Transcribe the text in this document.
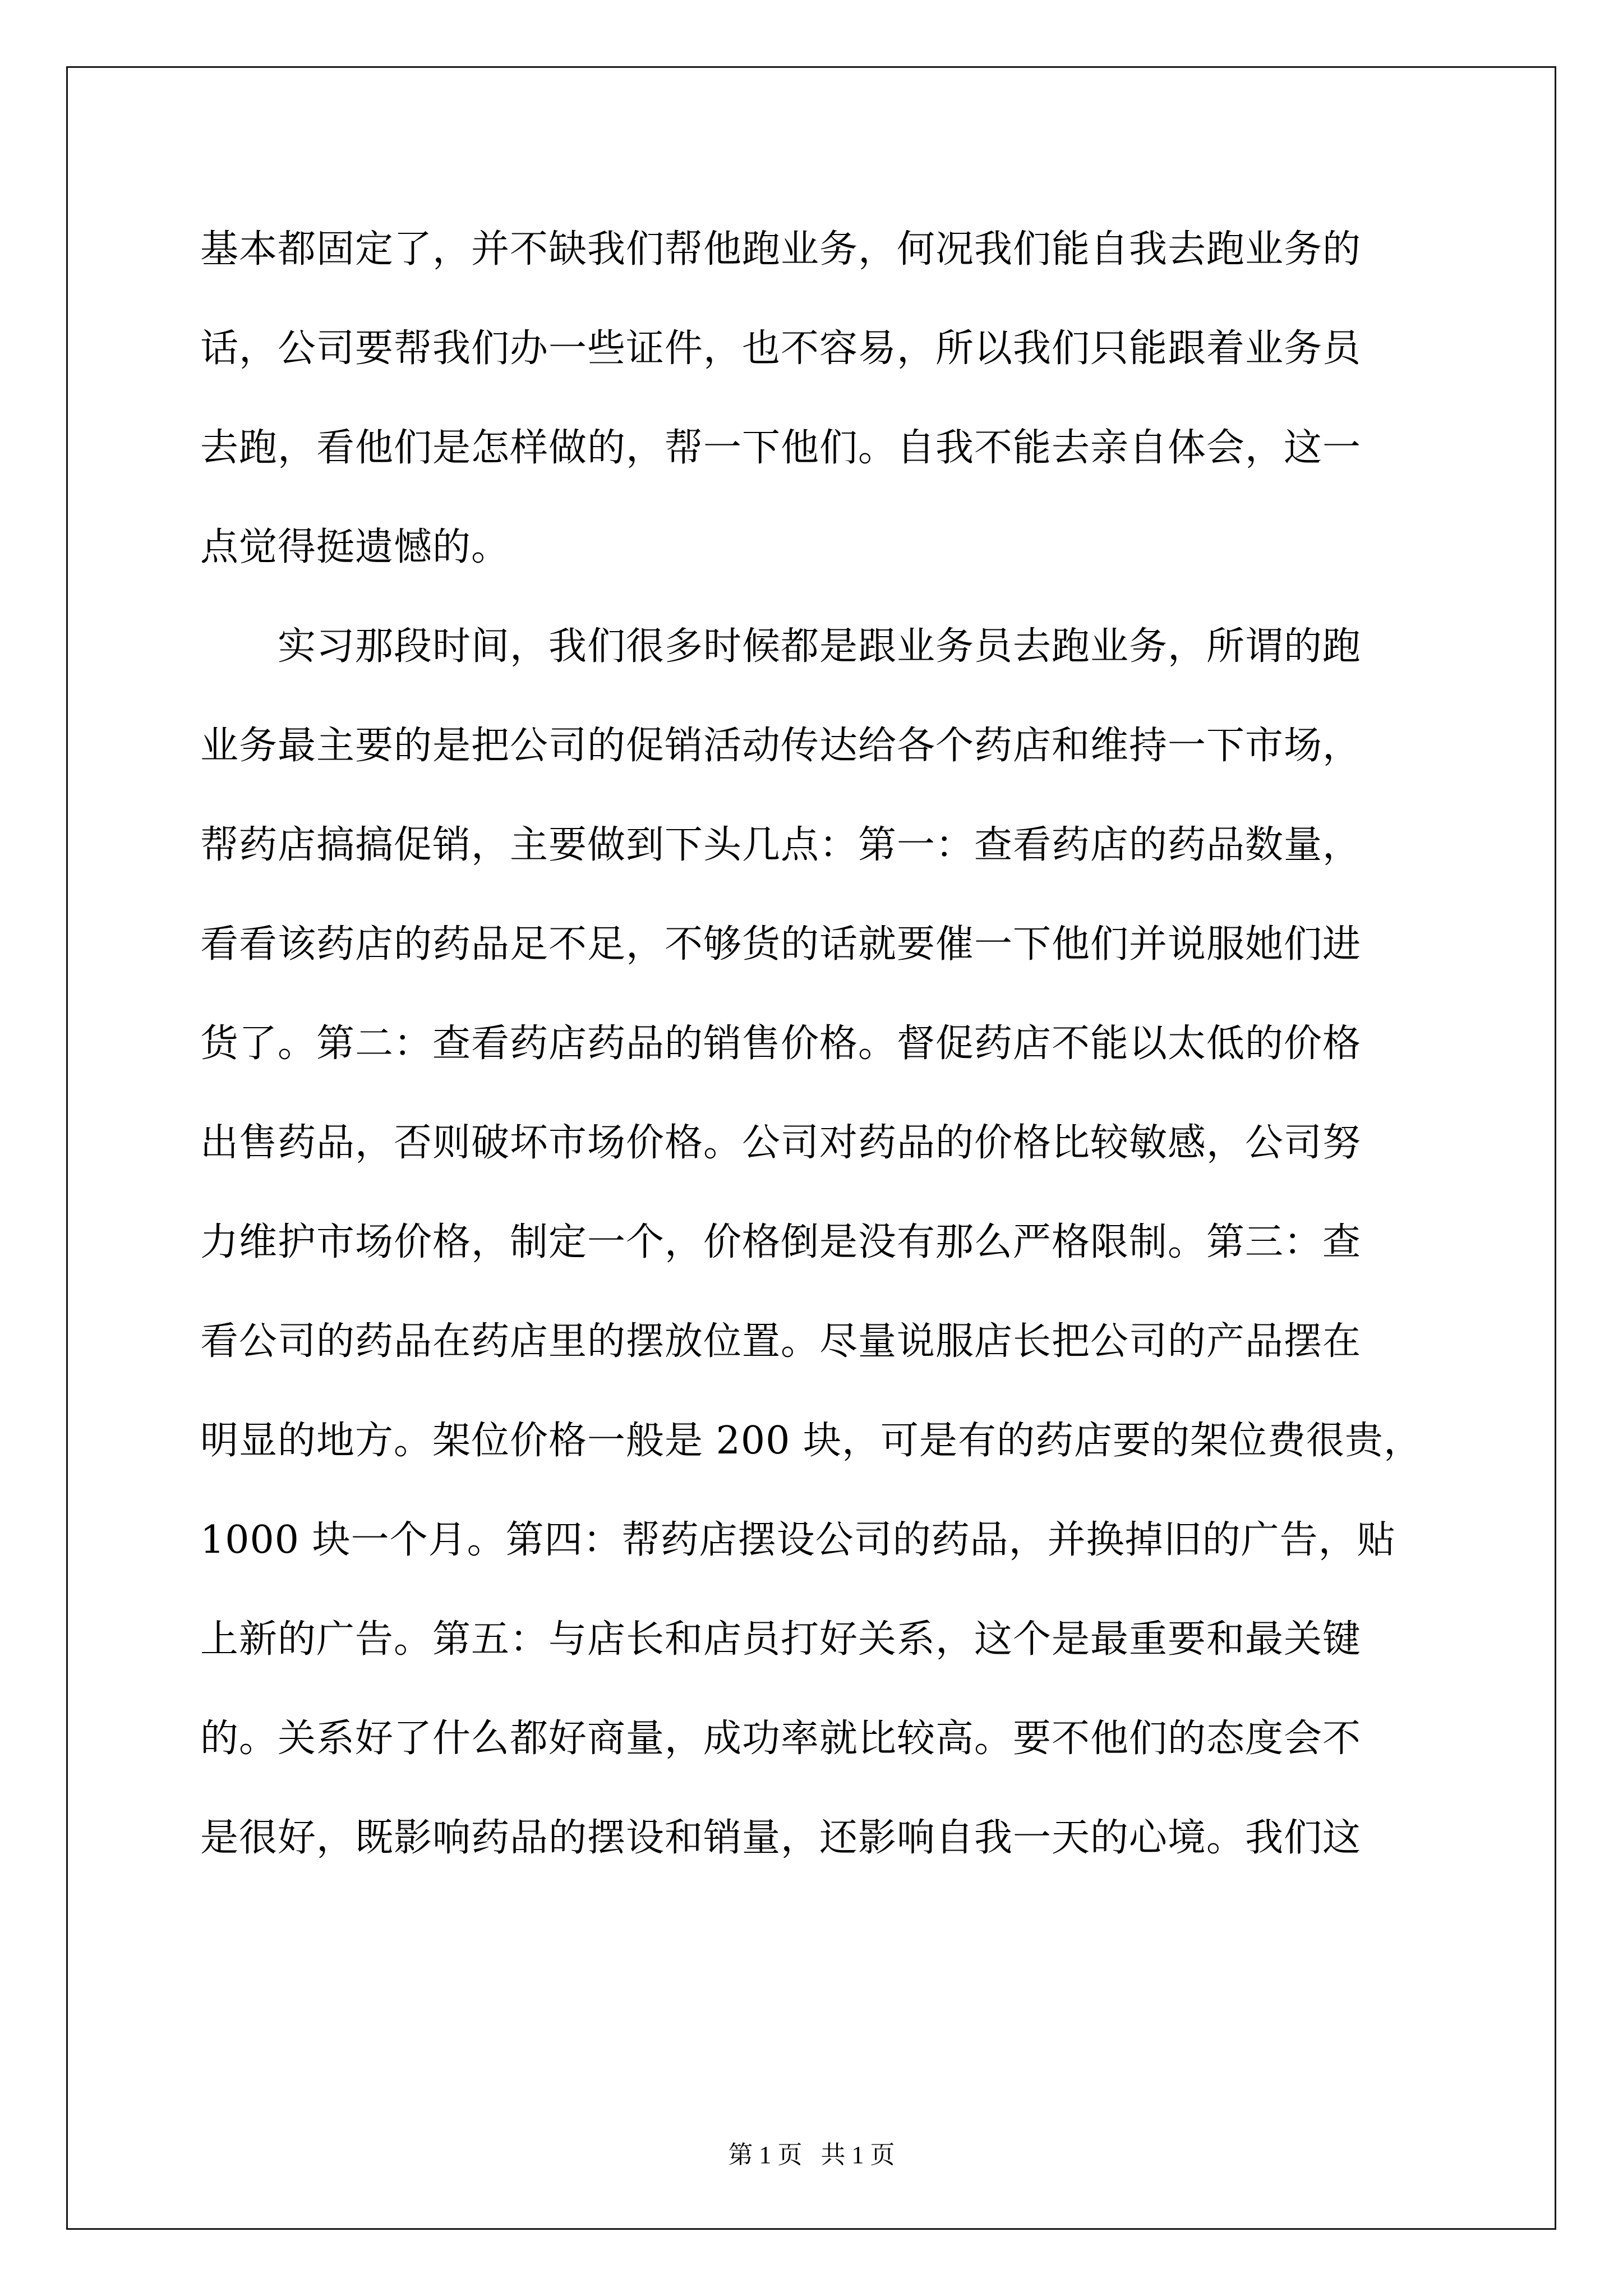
基本都固定了，并不缺我们帮他跑业务，何况我们能自我去跑业务的
话，公司要帮我们办一些证件，也不容易，所以我们只能跟着业务员
去跑，看他们是怎样做的，帮一下他们。自我不能去亲自体会，这一
点觉得挺遗憾的。
　　实习那段时间，我们很多时候都是跟业务员去跑业务，所谓的跑
业务最主要的是把公司的促销活动传达给各个药店和维持一下市场，
帮药店搞搞促销，主要做到下头几点：第一：查看药店的药品数量，
看看该药店的药品足不足，不够货的话就要催一下他们并说服她们进
货了。第二：查看药店药品的销售价格。督促药店不能以太低的价格
出售药品，否则破坏市场价格。公司对药品的价格比较敏感，公司努
力维护市场价格，制定一个，价格倒是没有那么严格限制。第三：查
看公司的药品在药店里的摆放位置。尽量说服店长把公司的产品摆在
明显的地方。架位价格一般是 200 块，可是有的药店要的架位费很贵，
1000 块一个月。第四：帮药店摆设公司的药品，并换掉旧的广告，贴
上新的广告。第五：与店长和店员打好关系，这个是最重要和最关键
的。关系好了什么都好商量，成功率就比较高。要不他们的态度会不
是很好，既影响药品的摆设和销量，还影响自我一天的心境。我们这
第 1 页   共 1 页
